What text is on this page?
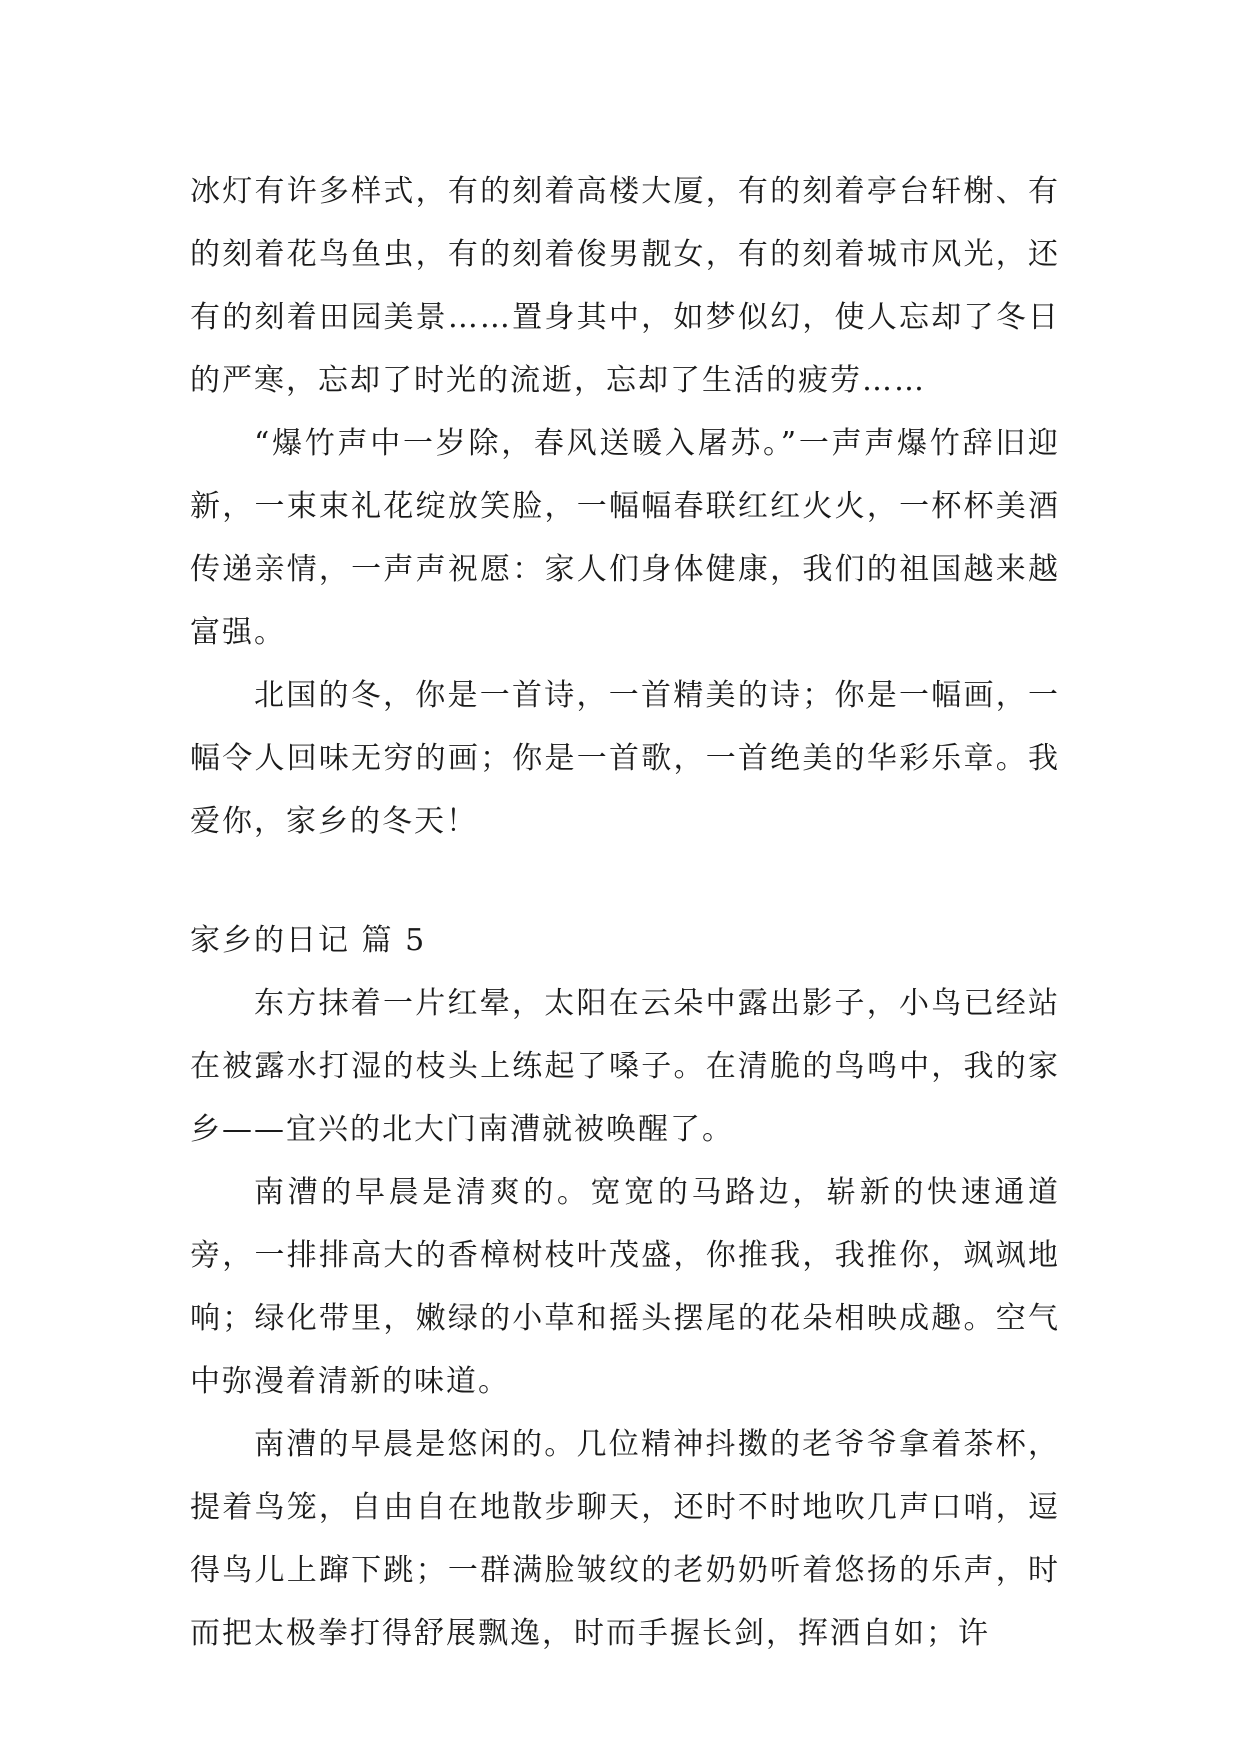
冰灯有许多样式，有的刻着高楼大厦，有的刻着亭台轩榭、有的刻着花鸟鱼虫，有的刻着俊男靓女，有的刻着城市风光，还有的刻着田园美景……置身其中，如梦似幻，使人忘却了冬日的严寒，忘却了时光的流逝，忘却了生活的疲劳……

“爆竹声中一岁除，春风送暖入屠苏。”一声声爆竹辞旧迎新，一束束礼花绽放笑脸，一幅幅春联红红火火，一杯杯美酒传递亲情，一声声祝愿：家人们身体健康，我们的祖国越来越富强。

北国的冬，你是一首诗，一首精美的诗；你是一幅画，一幅令人回味无穷的画；你是一首歌，一首绝美的华彩乐章。我爱你，家乡的冬天！

家乡的日记 篇 5

东方抹着一片红晕，太阳在云朵中露出影子，小鸟已经站在被露水打湿的枝头上练起了嗓子。在清脆的鸟鸣中，我的家乡——宜兴的北大门南漕就被唤醒了。

南漕的早晨是清爽的。宽宽的马路边，崭新的快速通道旁，一排排高大的香樟树枝叶茂盛，你推我，我推你，飒飒地响；绿化带里，嫩绿的小草和摇头摆尾的花朵相映成趣。空气中弥漫着清新的味道。

南漕的早晨是悠闲的。几位精神抖擞的老爷爷拿着茶杯，提着鸟笼，自由自在地散步聊天，还时不时地吹几声口哨，逗得鸟儿上蹿下跳；一群满脸皱纹的老奶奶听着悠扬的乐声，时而把太极拳打得舒展飘逸，时而手握长剑，挥洒自如；许
